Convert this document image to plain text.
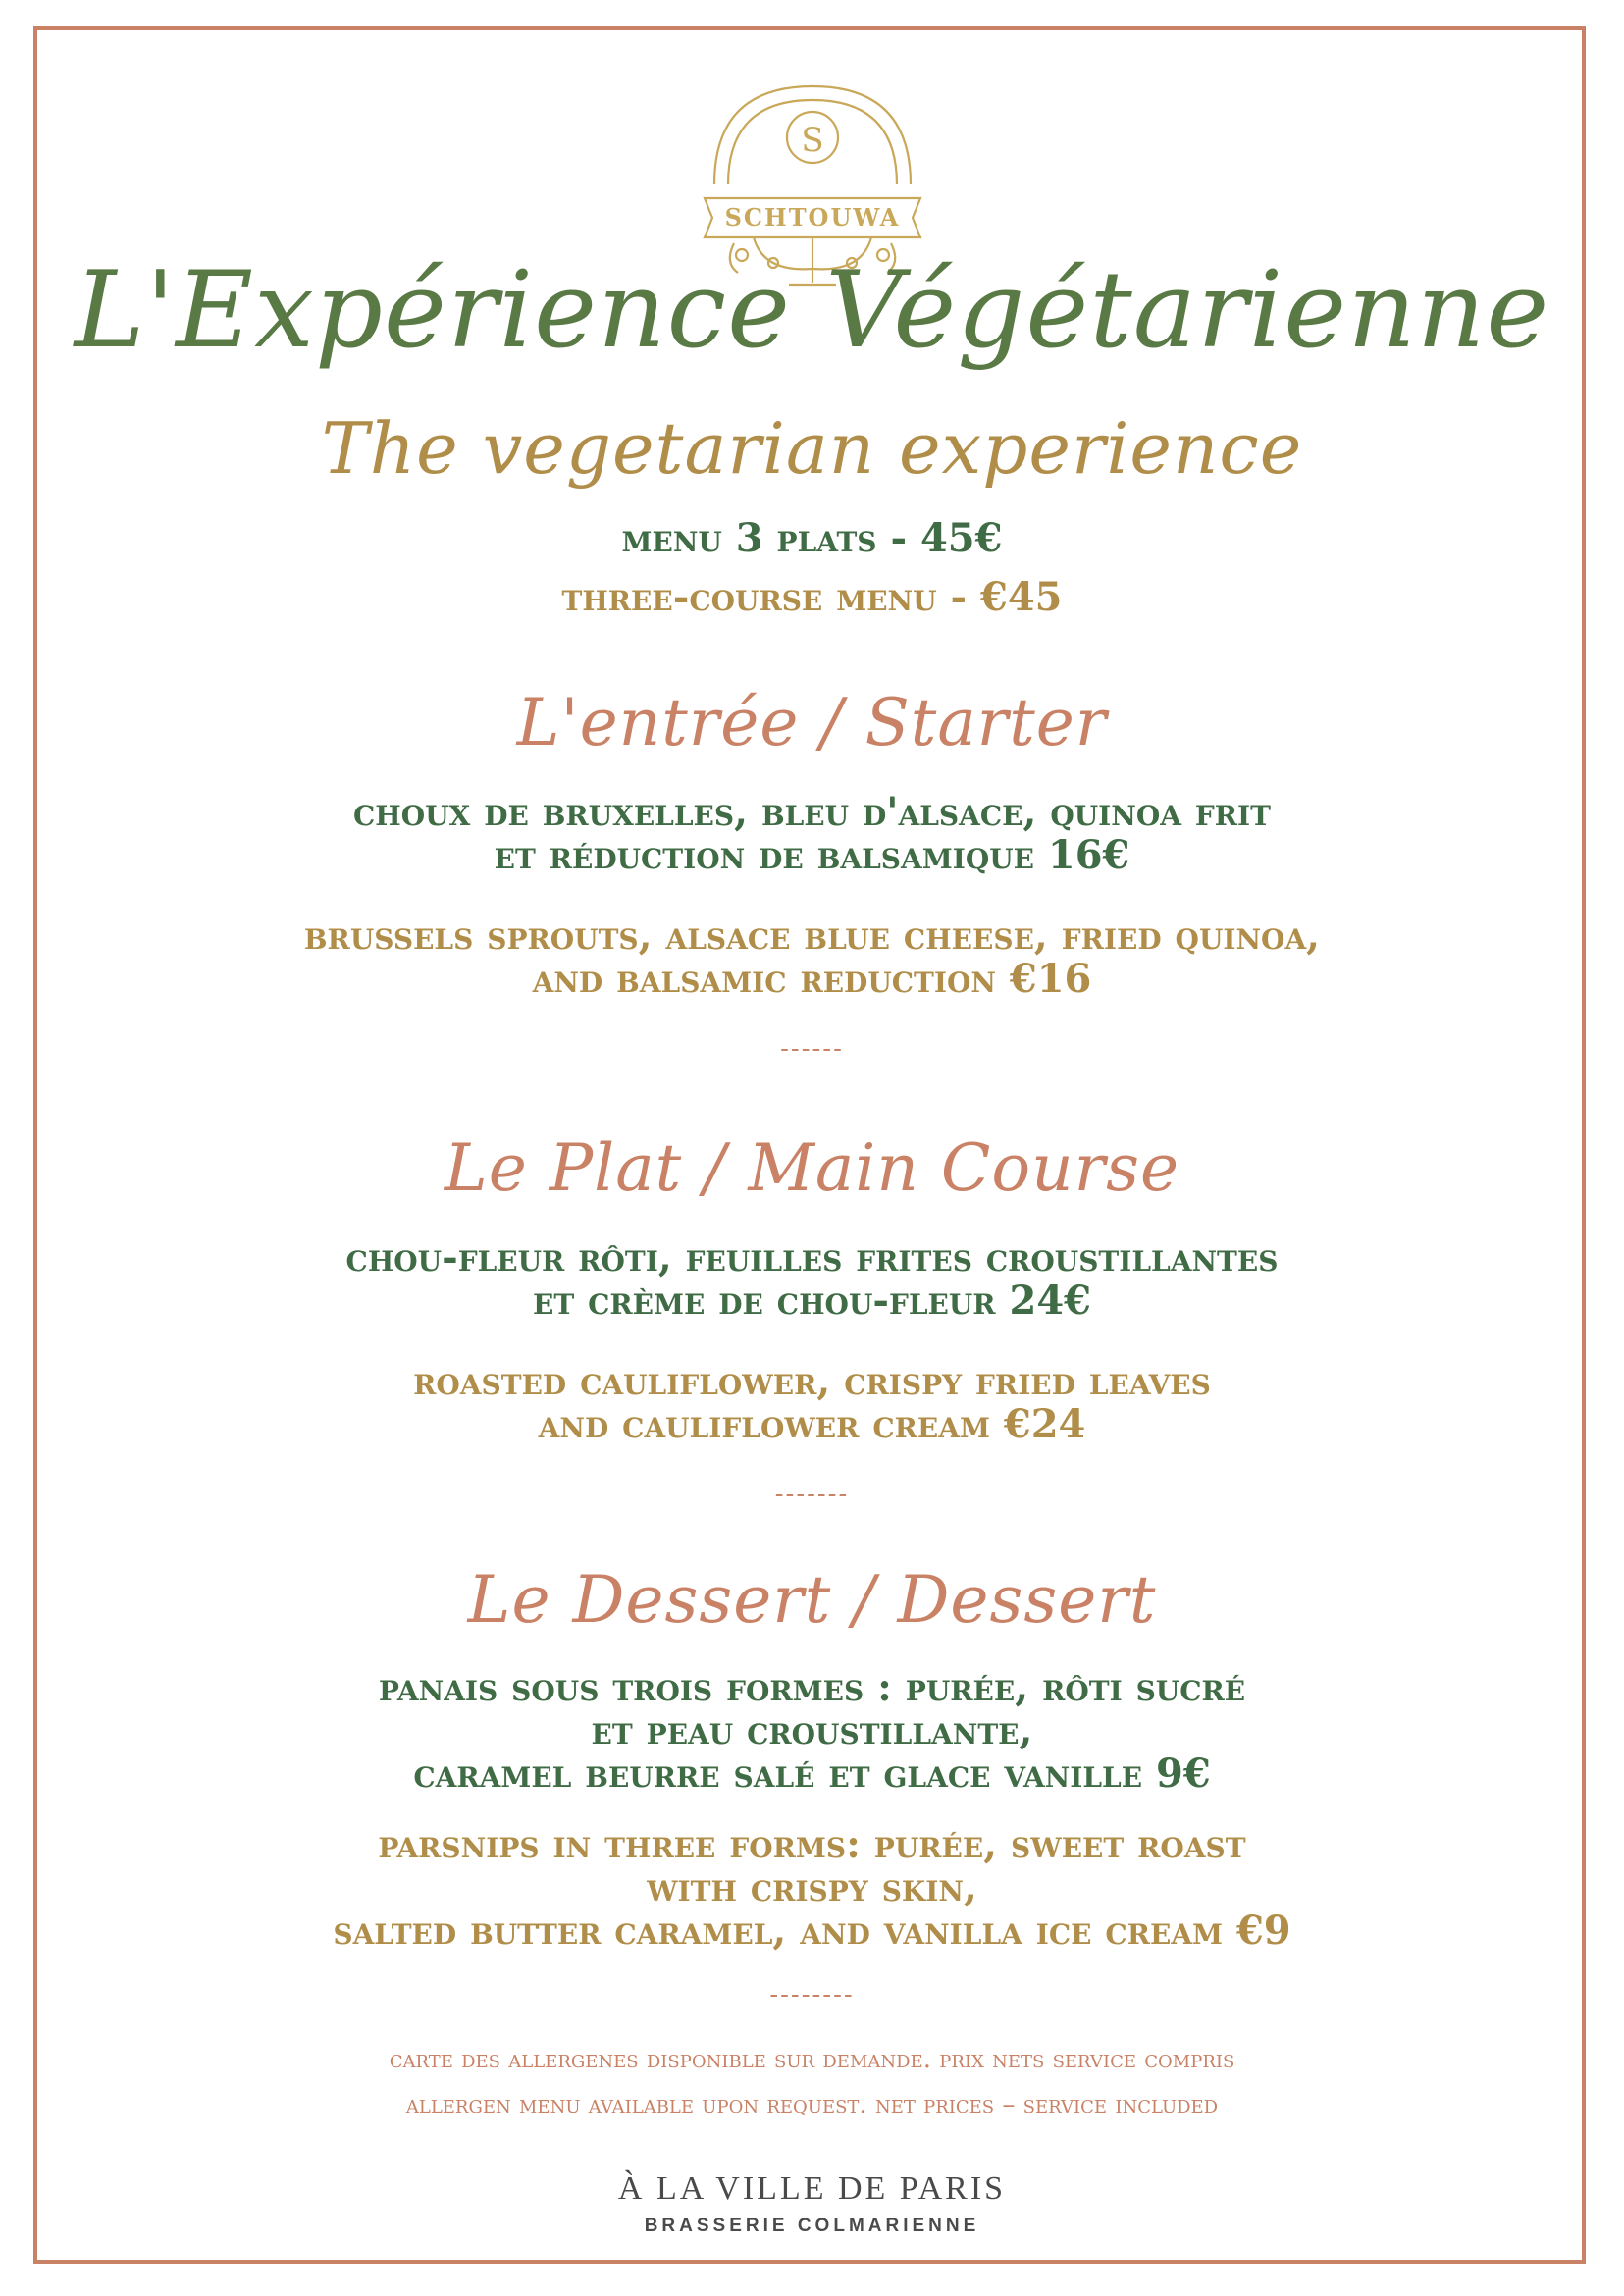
S
SCHTOUWA
L'Expérience Végétarienne
The vegetarian experience

menu 3 plats - 45€

three-course menu - €45

L'entrée / Starter

choux de bruxelles, bleu d'alsace, quinoa frit
et réduction de balsamique 16€

brussels sprouts, alsace blue cheese, fried quinoa,
and balsamic reduction €16

------
Le Plat / Main Course

chou-fleur rôti, feuilles frites croustillantes
et crème de chou-fleur 24€

roasted cauliflower, crispy fried leaves
and cauliflower cream €24

-------
Le Dessert / Dessert

panais sous trois formes : purée, rôti sucré
et peau croustillante,
caramel beurre salé et glace vanille 9€

parsnips in three forms: purée, sweet roast
with crispy skin,
salted butter caramel, and vanilla ice cream €9

--------

carte des allergenes disponible sur demande. prix nets service compris

allergen menu available upon request. net prices – service included

À LA VILLE DE PARIS

BRASSERIE COLMARIENNE
